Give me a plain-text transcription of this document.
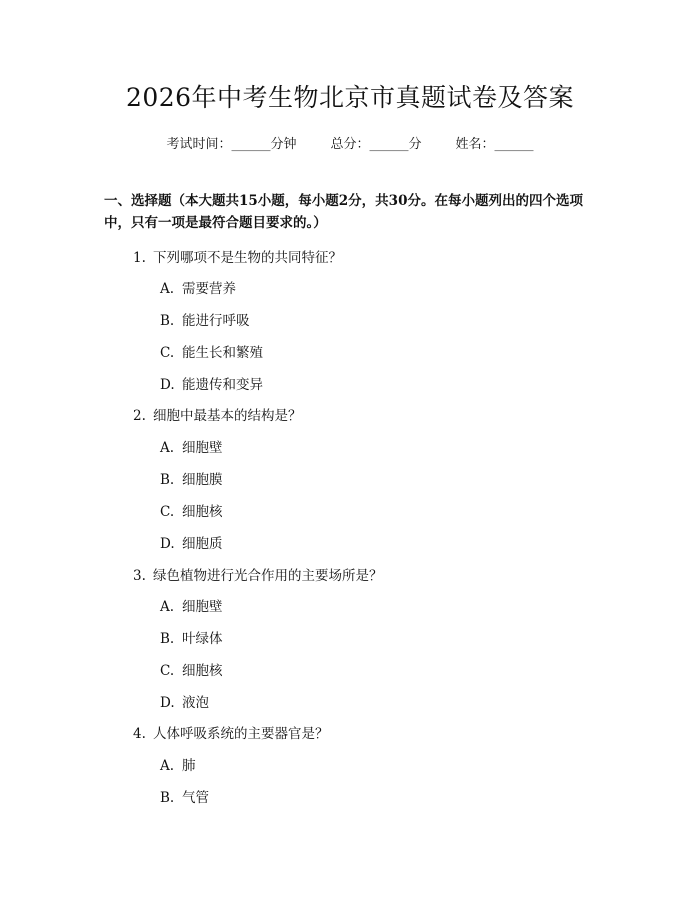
2026年中考生物北京市真题试卷及答案
考试时间：______分钟	总分：______分	姓名：______
一、选择题（本大题共15小题，每小题2分，共30分。在每小题列出的四个选项中，只有一项是最符合题目要求的。）
1. 下列哪项不是生物的共同特征？
A. 需要营养
B. 能进行呼吸
C. 能生长和繁殖
D. 能遗传和变异
2. 细胞中最基本的结构是？
A. 细胞壁
B. 细胞膜
C. 细胞核
D. 细胞质
3. 绿色植物进行光合作用的主要场所是？
A. 细胞壁
B. 叶绿体
C. 细胞核
D. 液泡
4. 人体呼吸系统的主要器官是？
A. 肺
B. 气管
